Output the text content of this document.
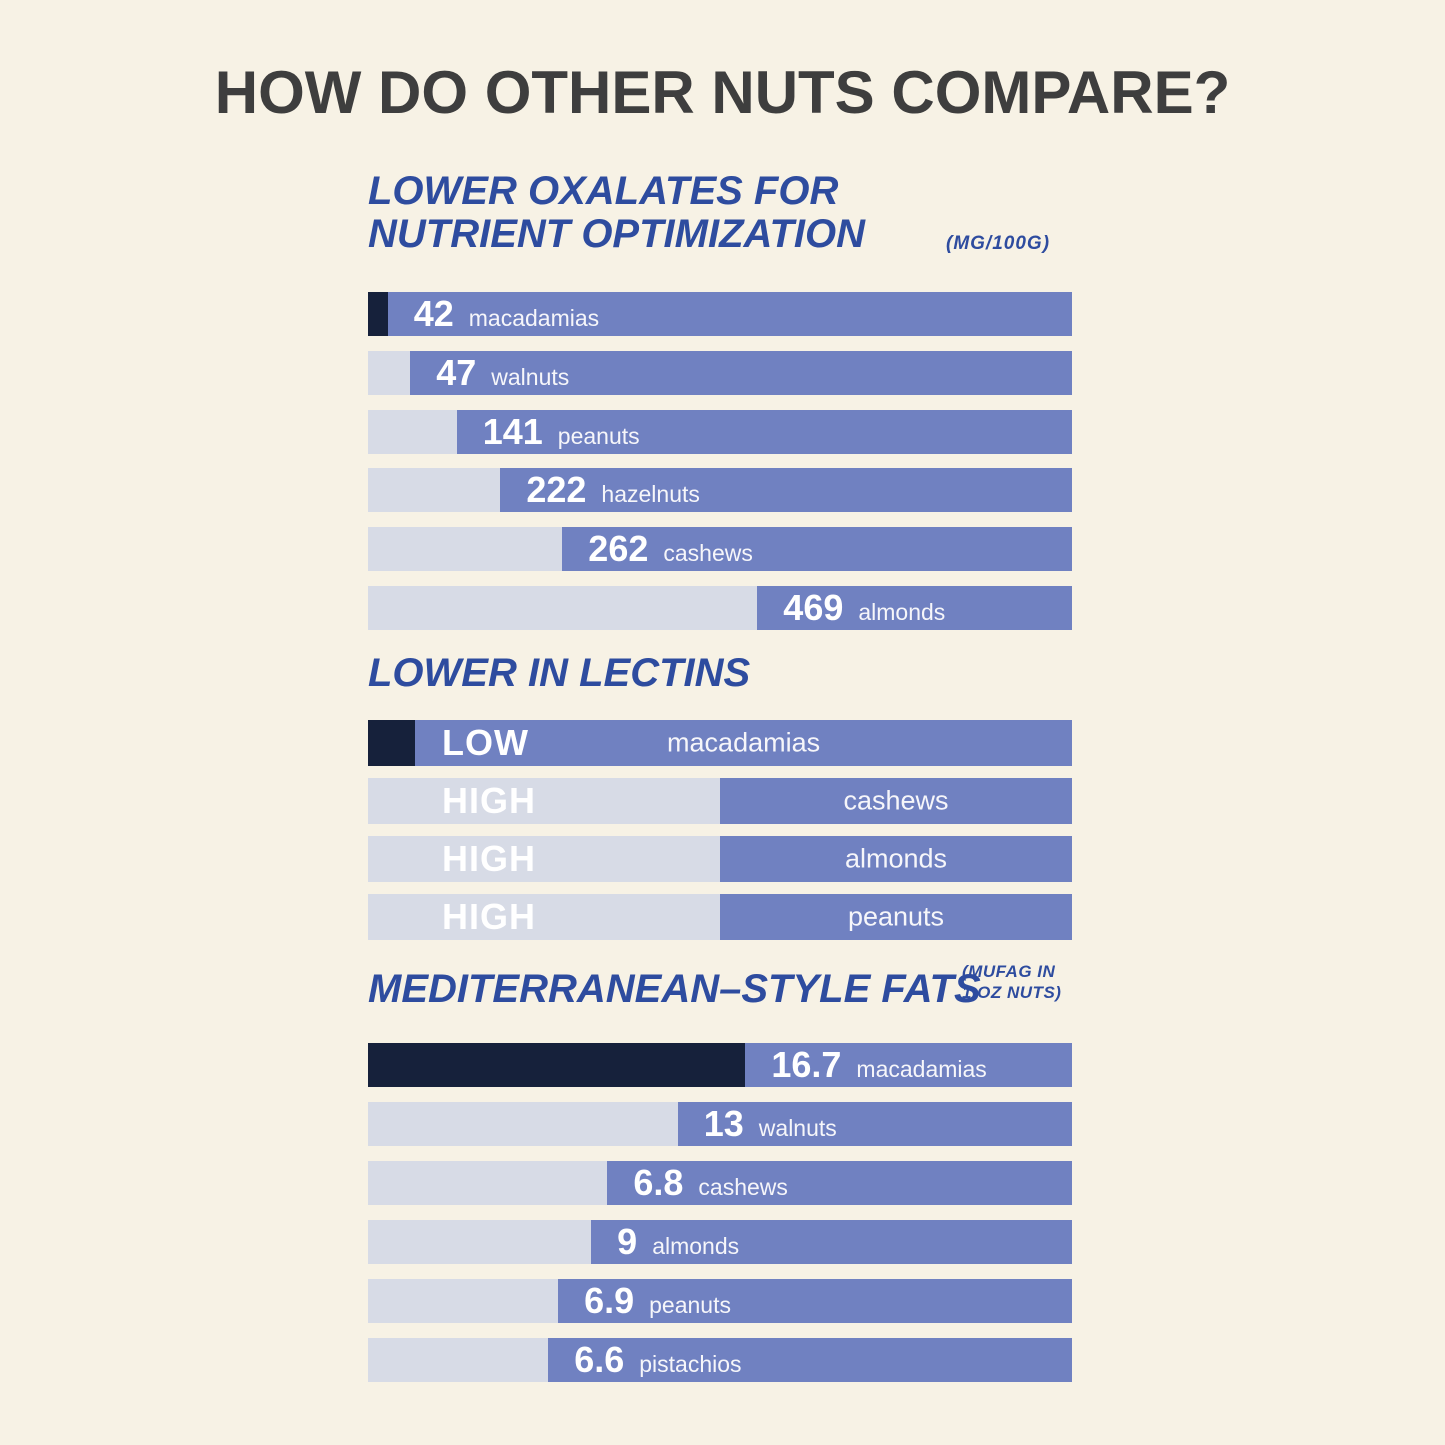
HOW DO OTHER NUTS COMPARE?
LOWER OXALATES FOR
NUTRIENT OPTIMIZATION	(MG/100G)
42 macadamias
47 walnuts
141 peanuts
222 hazelnuts
262 cashews
469 almonds
LOWER IN LECTINS
LOW	macadamias
HIGH	cashews
HIGH	almonds
HIGH	peanuts
MEDITERRANEAN–STYLE FATS
(MUFAG IN
1 OZ NUTS)
16.7 macadamias
13 walnuts
6.8 cashews
9 almonds
6.9 peanuts
6.6 pistachios
